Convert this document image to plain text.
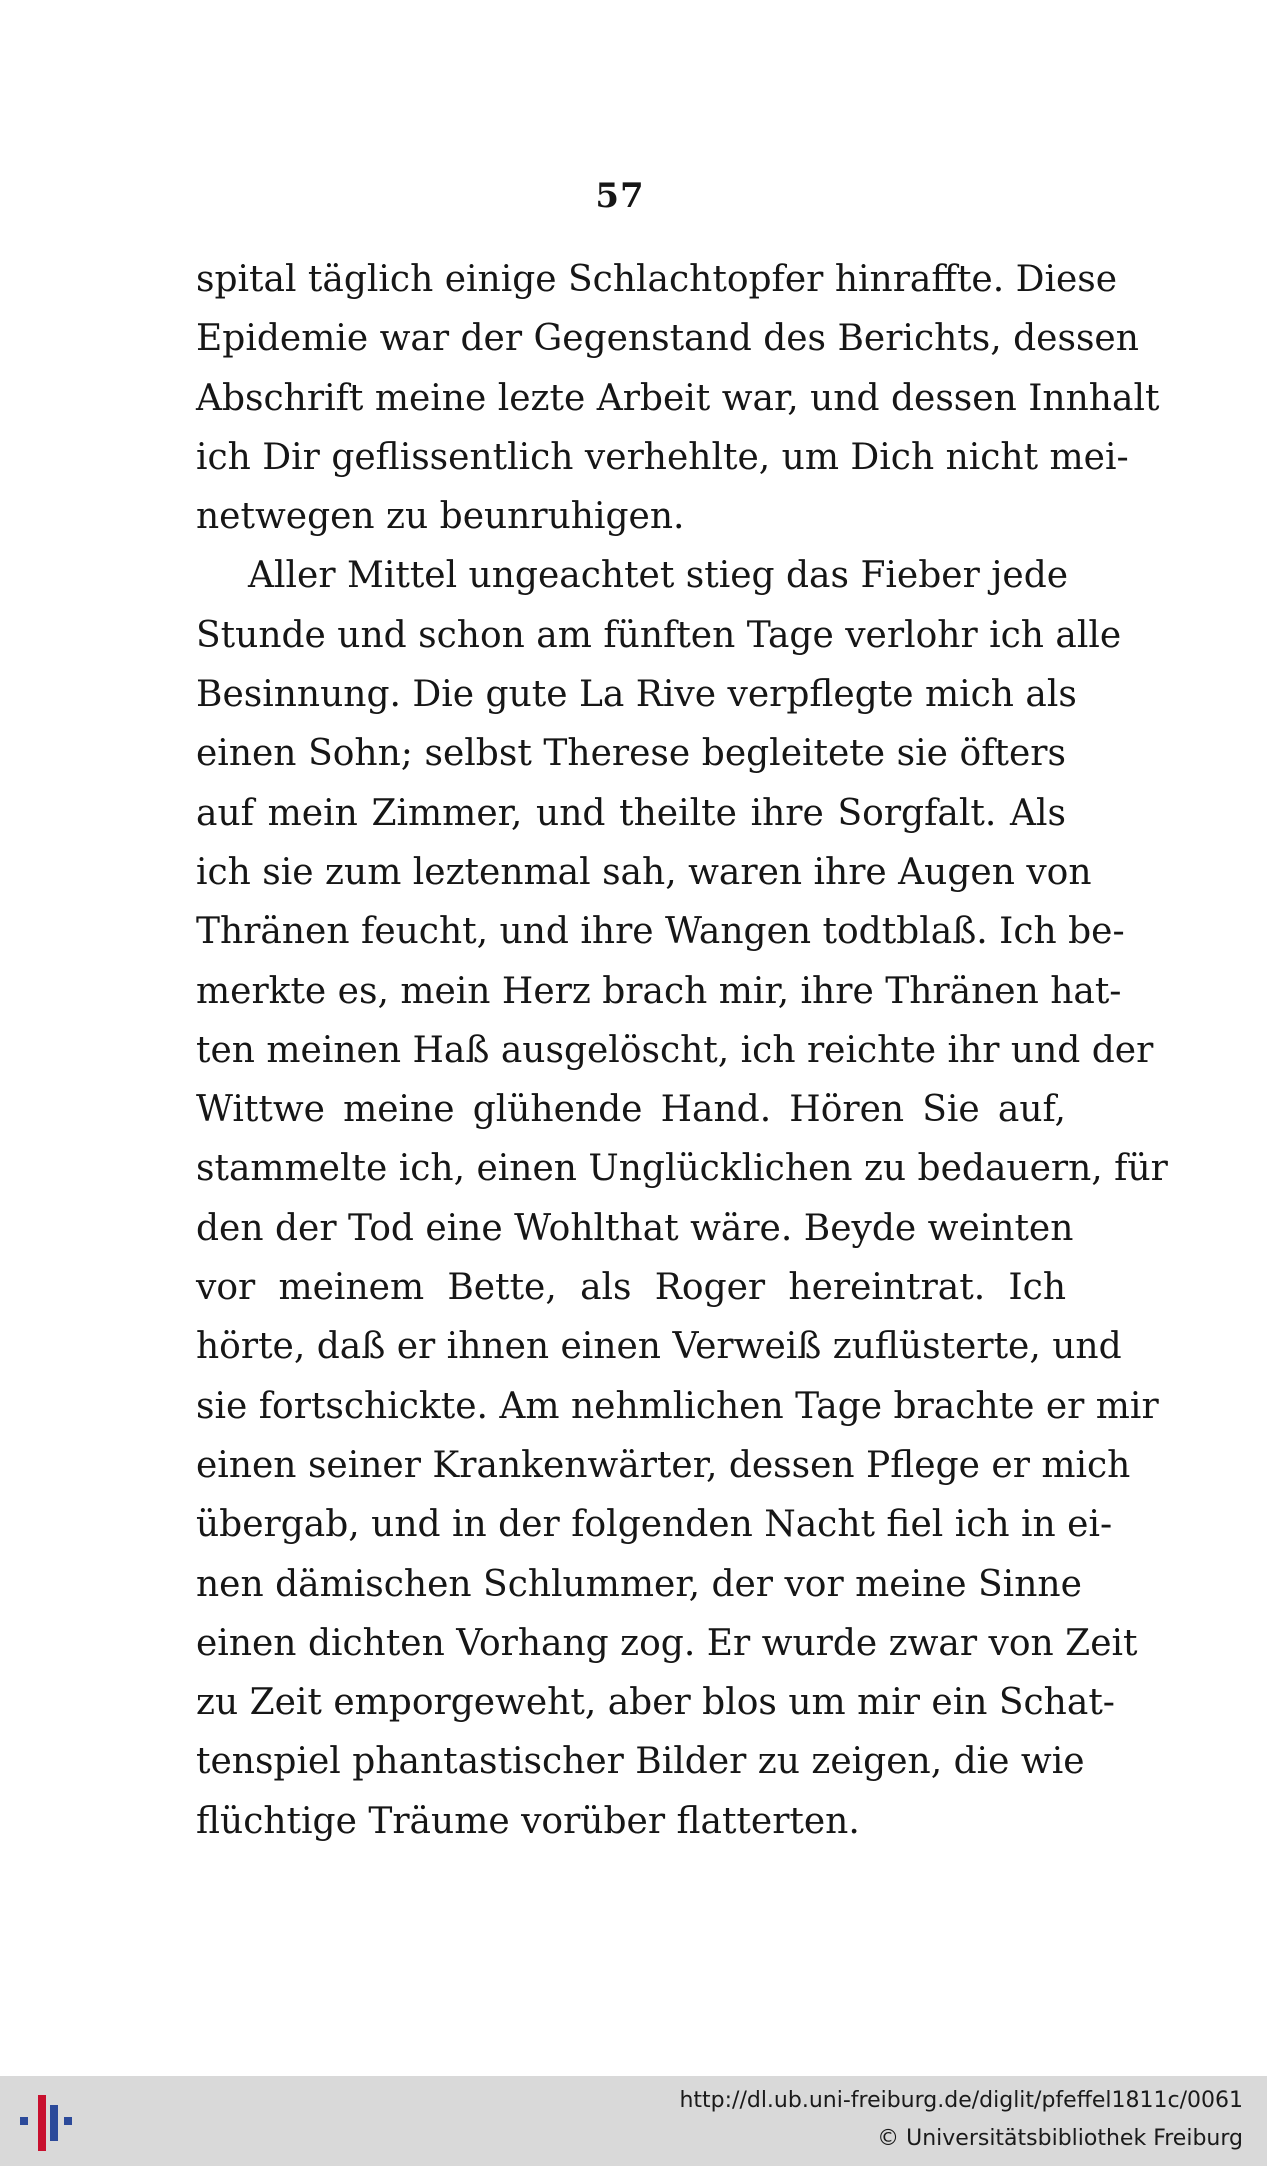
57
spital täglich einige Schlachtopfer hinraffte. Diese
Epidemie war der Gegenstand des Berichts, dessen
Abschrift meine lezte Arbeit war, und dessen Innhalt
ich Dir geflissentlich verhehlte, um Dich nicht mei-
netwegen zu beunruhigen.
Aller Mittel ungeachtet stieg das Fieber jede
Stunde und schon am fünften Tage verlohr ich alle
Besinnung. Die gute La Rive verpflegte mich als
einen Sohn; selbst Therese begleitete sie öfters
auf mein Zimmer, und theilte ihre Sorgfalt. Als
ich sie zum leztenmal sah, waren ihre Augen von
Thränen feucht, und ihre Wangen todtblaß. Ich be-
merkte es, mein Herz brach mir, ihre Thränen hat-
ten meinen Haß ausgelöscht, ich reichte ihr und der
Wittwe meine glühende Hand. Hören Sie auf,
stammelte ich, einen Unglücklichen zu bedauern, für
den der Tod eine Wohlthat wäre. Beyde weinten
vor meinem Bette, als Roger hereintrat. Ich
hörte, daß er ihnen einen Verweiß zuflüsterte, und
sie fortschickte. Am nehmlichen Tage brachte er mir
einen seiner Krankenwärter, dessen Pflege er mich
übergab, und in der folgenden Nacht fiel ich in ei-
nen dämischen Schlummer, der vor meine Sinne
einen dichten Vorhang zog. Er wurde zwar von Zeit
zu Zeit emporgeweht, aber blos um mir ein Schat-
tenspiel phantastischer Bilder zu zeigen, die wie
flüchtige Träume vorüber flatterten.
http://dl.ub.uni-freiburg.de/diglit/pfeffel1811c/0061
© Universitätsbibliothek Freiburg
